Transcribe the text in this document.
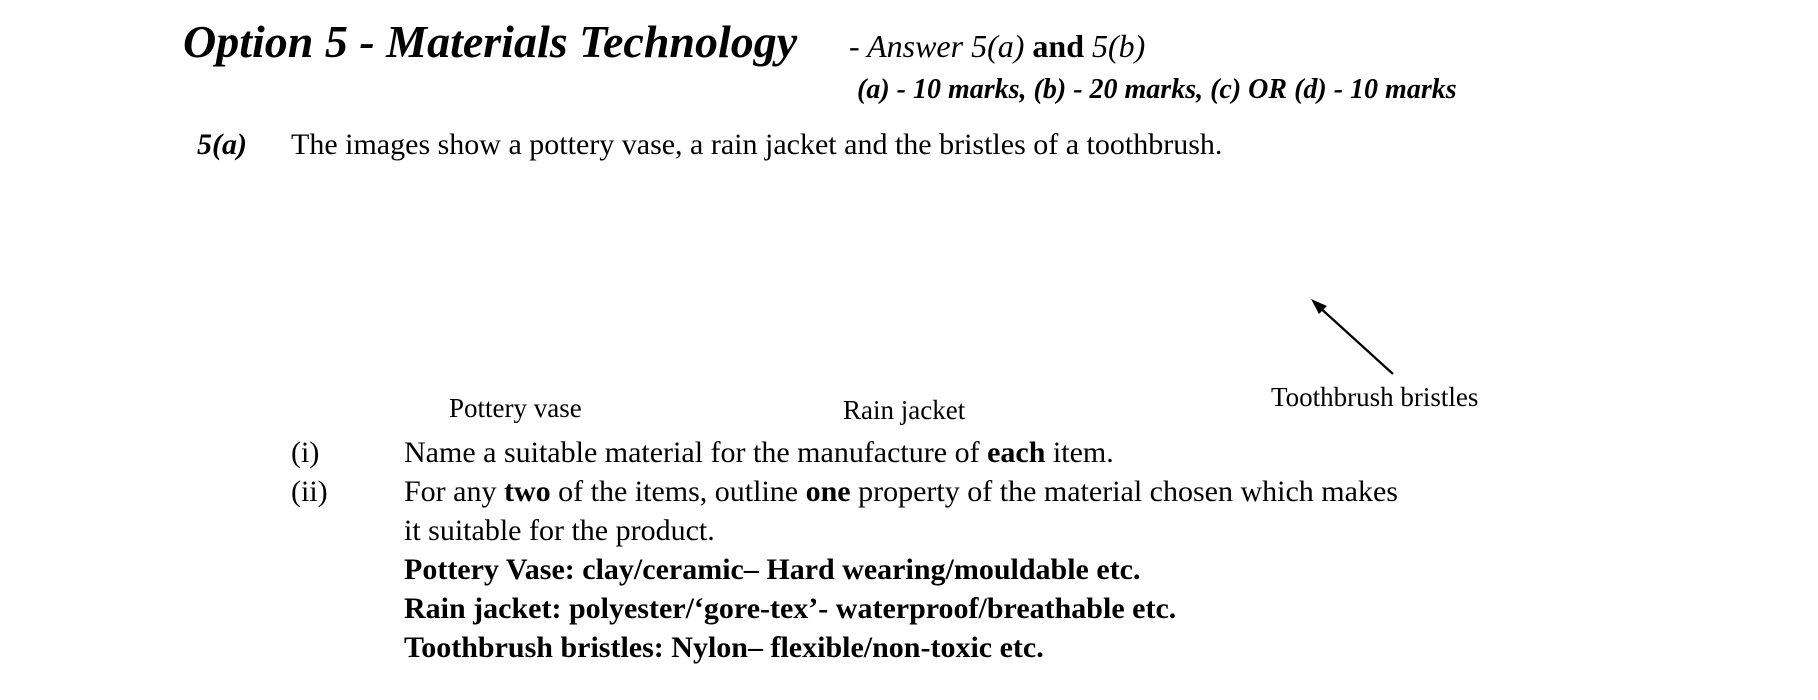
Option 5 - Materials Technology - Answer 5(a) and 5(b)
(a) - 10 marks, (b) - 20 marks, (c) OR (d) - 10 marks
5(a) The images show a pottery vase, a rain jacket and the bristles of a toothbrush.
Pottery vase	Rain jacket	Toothbrush bristles
(i)	Name a suitable material for the manufacture of each item.
(ii)	For any two of the items, outline one property of the material chosen which makes
it suitable for the product.
Pottery Vase: clay/ceramic– Hard wearing/mouldable etc.
Rain jacket: polyester/‘gore-tex’- waterproof/breathable etc.
Toothbrush bristles: Nylon– flexible/non-toxic etc.
